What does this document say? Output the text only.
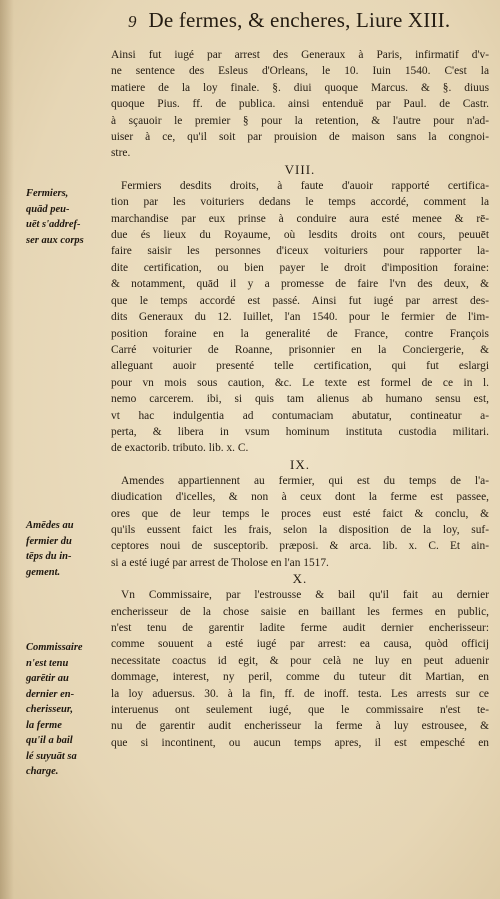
9 De fermes, & encheres, Liure XIII.
Ainsi fut iugé par arrest des Generaux à Paris, infirmatif d'v-
ne sentence des Esleus d'Orleans, le 10. Iuin 1540. C'est la
matiere de la loy finale. §. diui quoque Marcus. & §. diuus
quoque Pius. ff. de publica. ainsi entenduë par Paul. de Castr.
à sçauoir le premier § pour la retention, & l'autre pour n'ad-
uiser à ce, qu'il soit par prouision de maison sans la congnoi-
stre.
VIII.
Fermiers desdits droits, à faute d'auoir rapporté certifica-
tion par les voituriers dedans le temps accordé, comment la
marchandise par eux prinse à conduire aura esté menee & rē-
due és lieux du Royaume, où lesdits droits ont cours, peuuēt
faire saisir les personnes d'iceux voituriers pour rapporter la-
dite certification, ou bien payer le droit d'imposition foraine:
& notamment, quād il y a promesse de faire l'vn des deux, &
que le temps accordé est passé. Ainsi fut iugé par arrest des-
dits Generaux du 12. Iuillet, l'an 1540. pour le fermier de l'im-
position foraine en la generalité de France, contre François
Carré voiturier de Roanne, prisonnier en la Conciergerie, &
alleguant auoir presenté telle certification, qui fut eslargi
pour vn mois sous caution, &c. Le texte est formel de ce in l.
nemo carcerem. ibi, si quis tam alienus ab humano sensu est,
vt hac indulgentia ad contumaciam abutatur, contineatur a-
perta, & libera in vsum hominum instituta custodia militari.
de exactorib. tributo. lib. x. C.
IX.
Amendes appartiennent au fermier, qui est du temps de l'a-
diudication d'icelles, & non à ceux dont la ferme est passee,
ores que de leur temps le proces eust esté faict & conclu, &
qu'ils eussent faict les frais, selon la disposition de la loy, suf-
ceptores noui de susceptorib. præposi. & arca. lib. x. C. Et ain-
si a esté iugé par arrest de Tholose en l'an 1517.
X.
Vn Commissaire, par l'estrousse & bail qu'il fait au dernier
encherisseur de la chose saisie en baillant les fermes en public,
n'est tenu de garentir ladite ferme audit dernier encherisseur:
comme souuent a esté iugé par arrest: ea causa, quòd officij
necessitate coactus id egit, & pour celà ne luy en peut aduenir
dommage, interest, ny peril, comme du tuteur dit Martian, en
la loy aduersus. 30. à la fin, ff. de inoff. testa. Les arrests sur ce
interuenus ont seulement iugé, que le commissaire n'est te-
nu de garentir audit encherisseur la ferme à luy estrousee, &
que si incontinent, ou aucun temps apres, il est empesché en
Fermiers,
quād peu-
uēt s'addref-
ser aux corps
Amēdes au
fermier du
tēps du in-
gement.
Commissaire
n'est tenu
garētir au
dernier en-
cherisseur,
la ferme
qu'il a bail
lé suyuāt sa
charge.
